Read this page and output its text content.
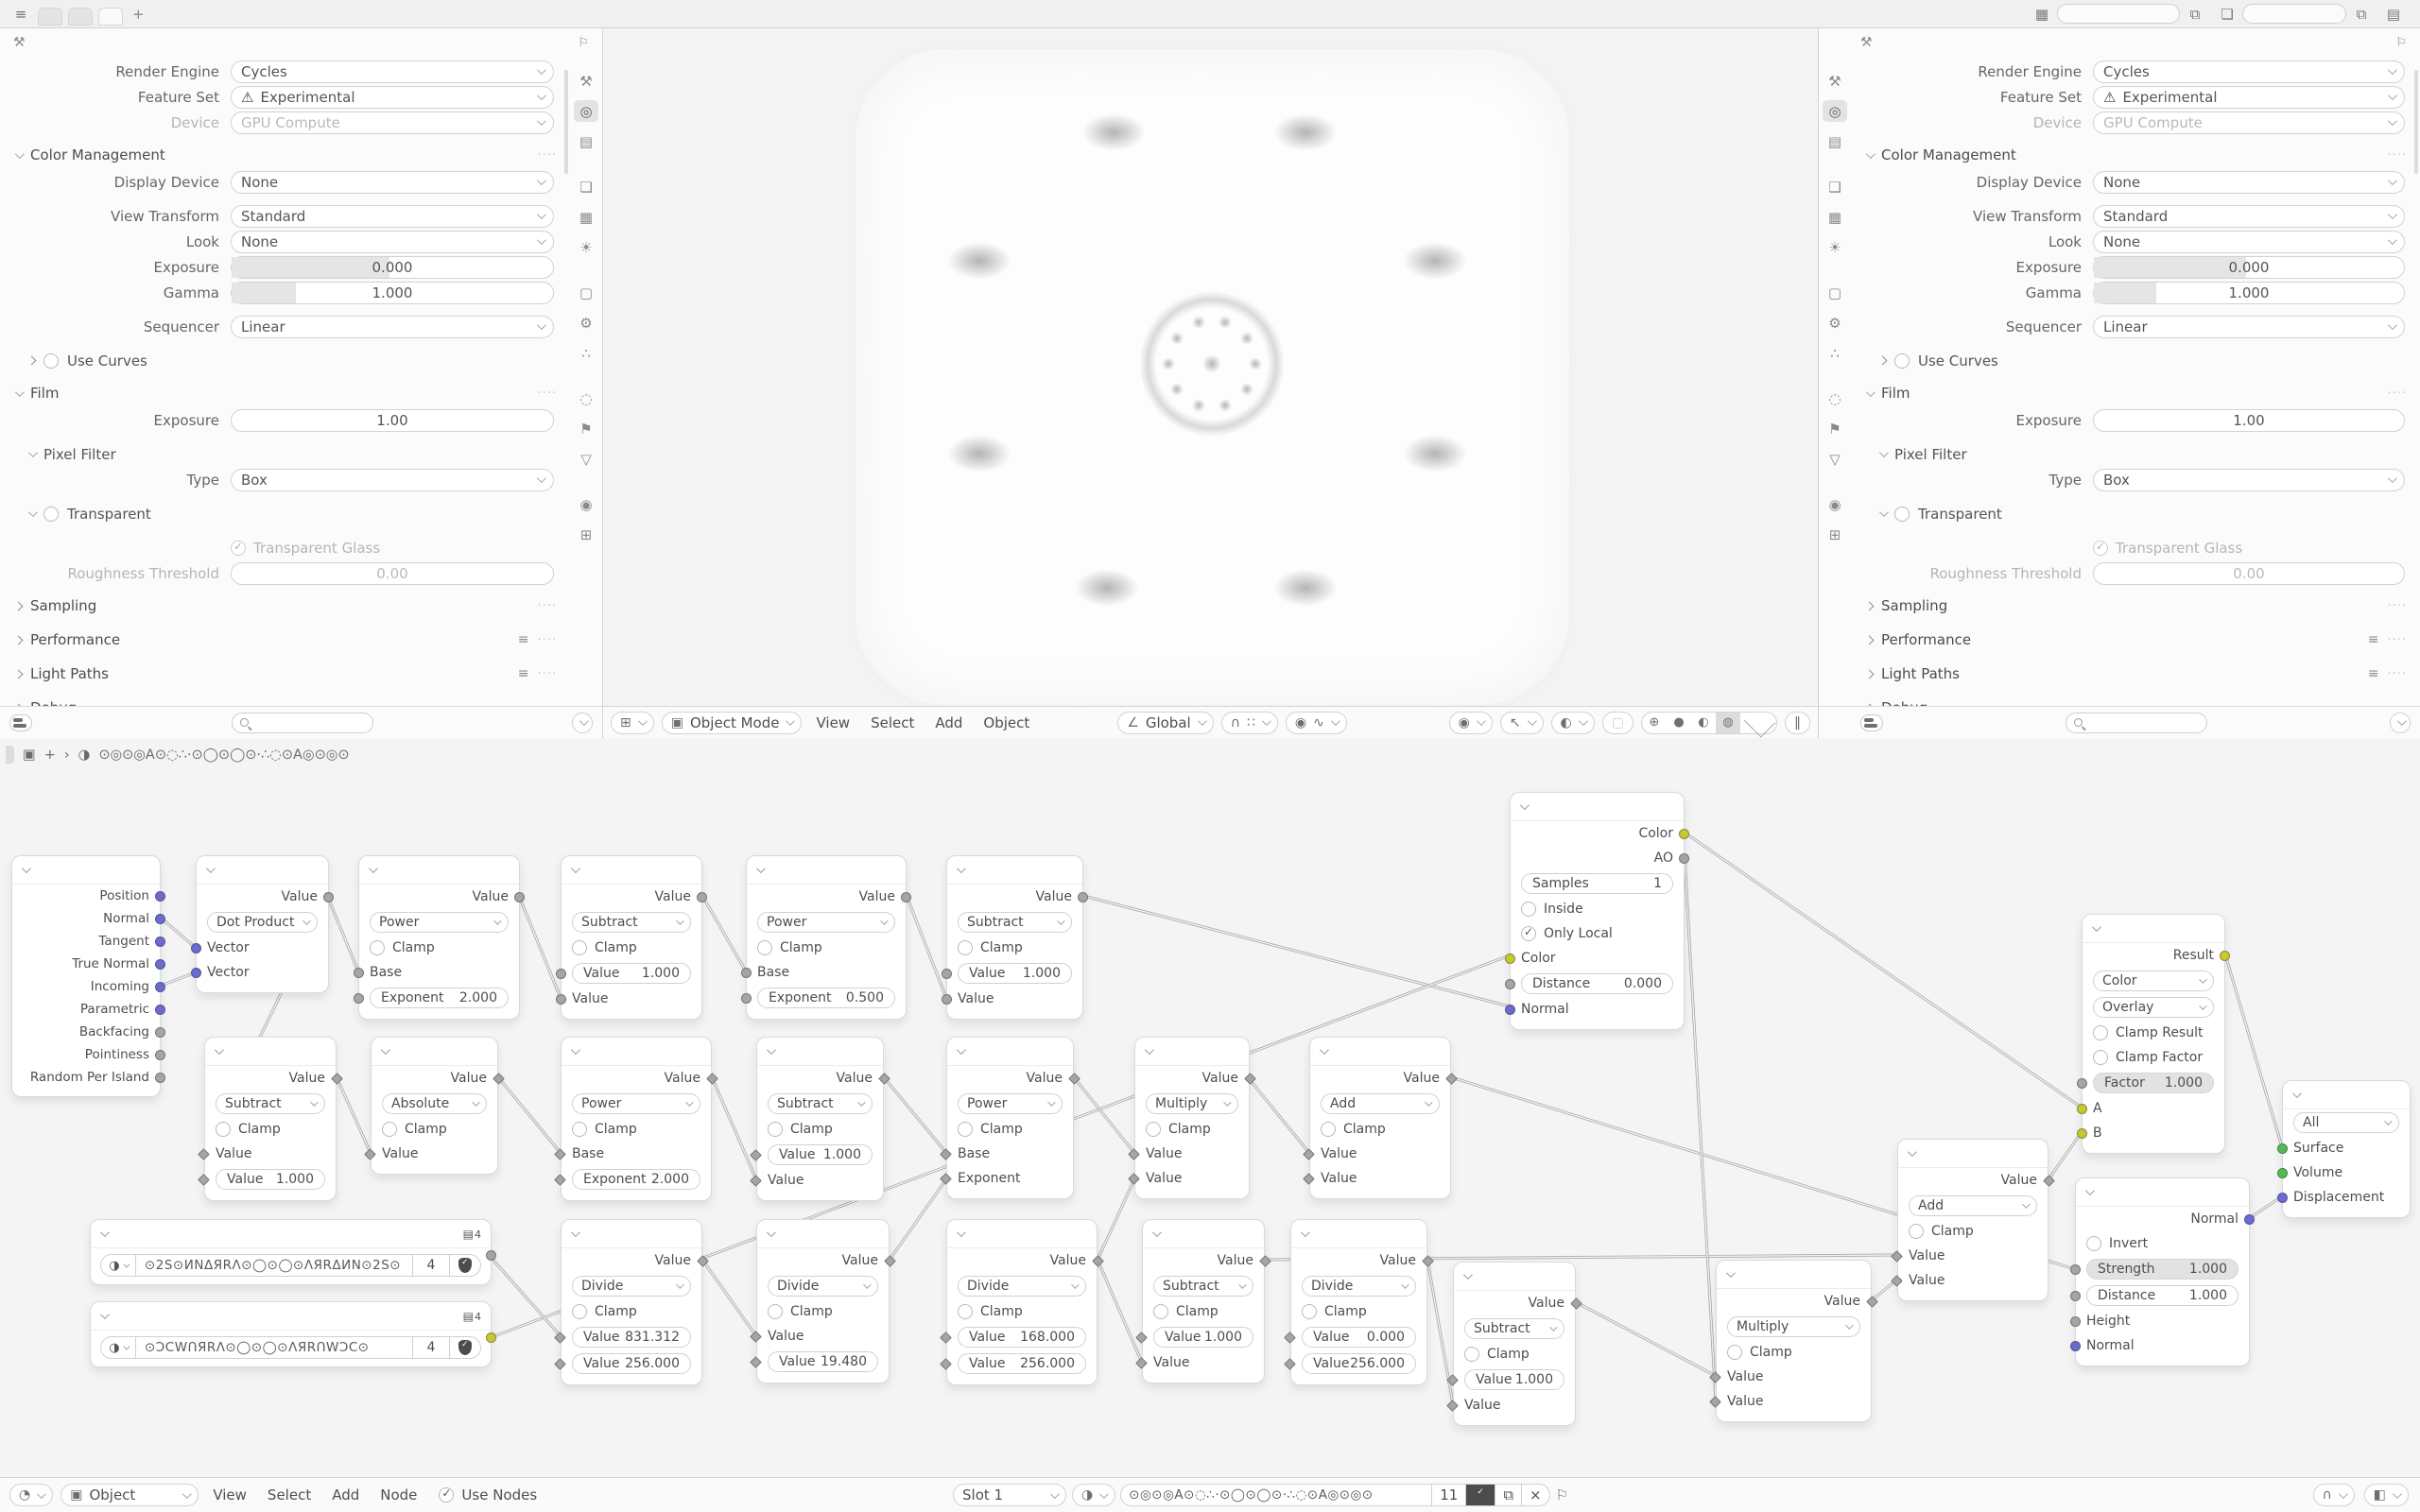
≡	+	▦	⧉	❏	⧉	▤
⚒	⚐
Render Engine	Cycles
Feature Set	⚠ Experimental
Device	GPU Compute
Color Management	····
Display Device	None
View Transform	Standard
Look	None
Exposure	0.000
Gamma	1.000
Sequencer	Linear
Use Curves
Film	····
Exposure	1.00
Pixel Filter
Type	Box
Transparent
✓
Transparent Glass
Roughness Threshold	0.00
Sampling	····
Performance	≡ ····
Light Paths	≡ ····
⚒
◎
▤
❏
▦
☀
▢
⚙
∴
◌
⚑
▽
◉
⊞
⊞	▣ Object Mode	View	Select	Add	Object	∠ Global	∩ ∷	◉ ∿	◉	↖	◐	▢	⊕	●	◐	◍	‖
⚒	⚐
Render Engine	Cycles
Feature Set	⚠ Experimental
Device	GPU Compute
Color Management	····
Display Device	None
View Transform	Standard
Look	None
Exposure	0.000
Gamma	1.000
Sequencer	Linear
Use Curves
Film	····
Exposure	1.00
Pixel Filter
Type	Box
Transparent
✓
Transparent Glass
Roughness Threshold	0.00
Sampling	····
Performance	≡ ····
Light Paths	≡ ····
⚒
◎
▤
❏
▦
☀
▢
⚙
∴
◌
⚑
▽
◉
⊞
Position
Normal
Tangent
True Normal
Incoming
Parametric
Backfacing
Pointiness
Random Per Island
Value
Dot Product
Vector
Vector
Value
Power
Clamp
Base
Exponent 2.000
Value
Subtract
Clamp
Value 1.000
Value
Value
Power
Clamp
Base
Exponent 0.500
Value
Subtract
Clamp
Value 1.000
Value
Value
Subtract
Clamp
Value
Value 1.000
Value
Absolute
Clamp
Value
Value
Power
Clamp
Base
Exponent 2.000
Value
Subtract
Clamp
Value 1.000
Value
Value
Power
Clamp
Base
Exponent
Value
Multiply
Clamp
Value
Value
Value
Add
Clamp
Value
Value
▤ 4
◑	⊙2S⊙ИNΔЯRΛ⊙◯⊙◯⊙ΛЯRΔИN⊙2S⊙	4
✓
▤ 4
◑	⊙ƆCWՈЯRΛ⊙◯⊙◯⊙ΛЯRՈWƆC⊙	4
✓
Value
Divide
Clamp
Value 831.312
Value 256.000
Value
Divide
Clamp
Value
Value 19.480
Value
Divide
Clamp
Value 168.000
Value 256.000
Value
Subtract
Clamp
Value 1.000
Value
Value
Divide
Clamp
Value 0.000
Value 256.000
Value
Subtract
Clamp
Value 1.000
Value
Value
Multiply
Clamp
Value
Value
Value
Add
Clamp
Value
Value
Color
AO
Samples	1
Inside
✓
Only Local
Color
Distance	0.000
Normal
Result
Color
Overlay
Clamp Result
Clamp Factor
Factor 1.000
A
B
All
Surface
Volume
Displacement
Normal
Invert
Strength	1.000
Distance	1.000
Height
Normal
▣ + › ◑ ⊙◎⊙◎A⊙◌∴·⊙◯⊙◯⊙·∴◌⊙A◎⊙◎⊙
◔	▣ Object	View	Select	Add	Node ✓	Use Nodes	Slot 1	◑	⊙◎⊙◎A⊙◌∴·⊙◯⊙◯⊙·∴◌⊙A◎⊙◎⊙	11 ✓	⧉ × ⚐	∩	◧
